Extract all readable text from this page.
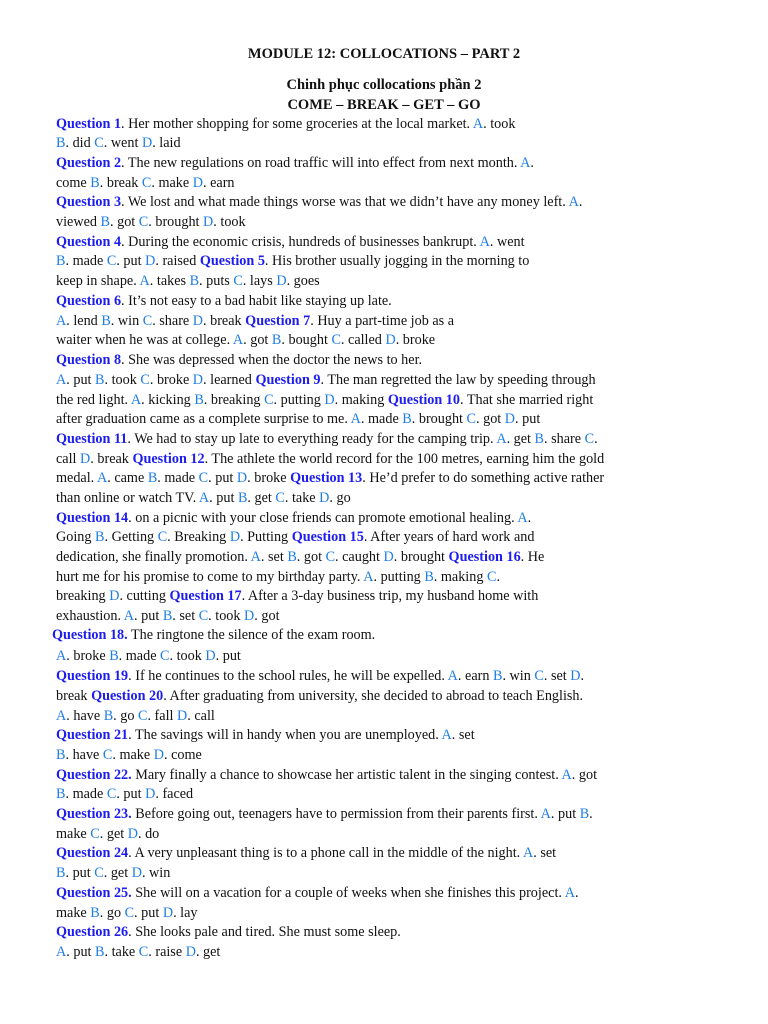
MODULE 12: COLLOCATIONS – PART 2
Chinh phục collocations phần 2
COME – BREAK – GET – GO
Question 1. Her mother shopping for some groceries at the local market. A. took
B. did C. went D. laid
Question 2. The new regulations on road traffic will into effect from next month. A.
come B. break C. make D. earn
Question 3. We lost and what made things worse was that we didn’t have any money left. A.
viewed B. got C. brought D. took
Question 4. During the economic crisis, hundreds of businesses bankrupt. A. went
B. made C. put D. raised Question 5. His brother usually jogging in the morning to
keep in shape. A. takes B. puts C. lays D. goes
Question 6. It’s not easy to a bad habit like staying up late.
A. lend B. win C. share D. break Question 7. Huy a part-time job as a
waiter when he was at college. A. got B. bought C. called D. broke
Question 8. She was depressed when the doctor the news to her.
A. put B. took C. broke D. learned Question 9. The man regretted the law by speeding through
the red light. A. kicking B. breaking C. putting D. making Question 10. That she married right
after graduation came as a complete surprise to me. A. made B. brought C. got D. put
Question 11. We had to stay up late to everything ready for the camping trip. A. get B. share C.
call D. break Question 12. The athlete the world record for the 100 metres, earning him the gold
medal. A. came B. made C. put D. broke Question 13. He’d prefer to do something active rather
than online or watch TV. A. put B. get C. take D. go
Question 14. on a picnic with your close friends can promote emotional healing. A.
Going B. Getting C. Breaking D. Putting Question 15. After years of hard work and
dedication, she finally promotion. A. set B. got C. caught D. brought Question 16. He
hurt me for his promise to come to my birthday party. A. putting B. making C.
breaking D. cutting Question 17. After a 3-day business trip, my husband home with
exhaustion. A. put B. set C. took D. got
Question 18. The ringtone the silence of the exam room.
A. broke B. made C. took D. put
Question 19. If he continues to the school rules, he will be expelled. A. earn B. win C. set D.
break Question 20. After graduating from university, she decided to abroad to teach English.
A. have B. go C. fall D. call
Question 21. The savings will in handy when you are unemployed. A. set
B. have C. make D. come
Question 22. Mary finally a chance to showcase her artistic talent in the singing contest. A. got
B. made C. put D. faced
Question 23. Before going out, teenagers have to permission from their parents first. A. put B.
make C. get D. do
Question 24. A very unpleasant thing is to a phone call in the middle of the night. A. set
B. put C. get D. win
Question 25. She will on a vacation for a couple of weeks when she finishes this project. A.
make B. go C. put D. lay
Question 26. She looks pale and tired. She must some sleep.
A. put B. take C. raise D. get
